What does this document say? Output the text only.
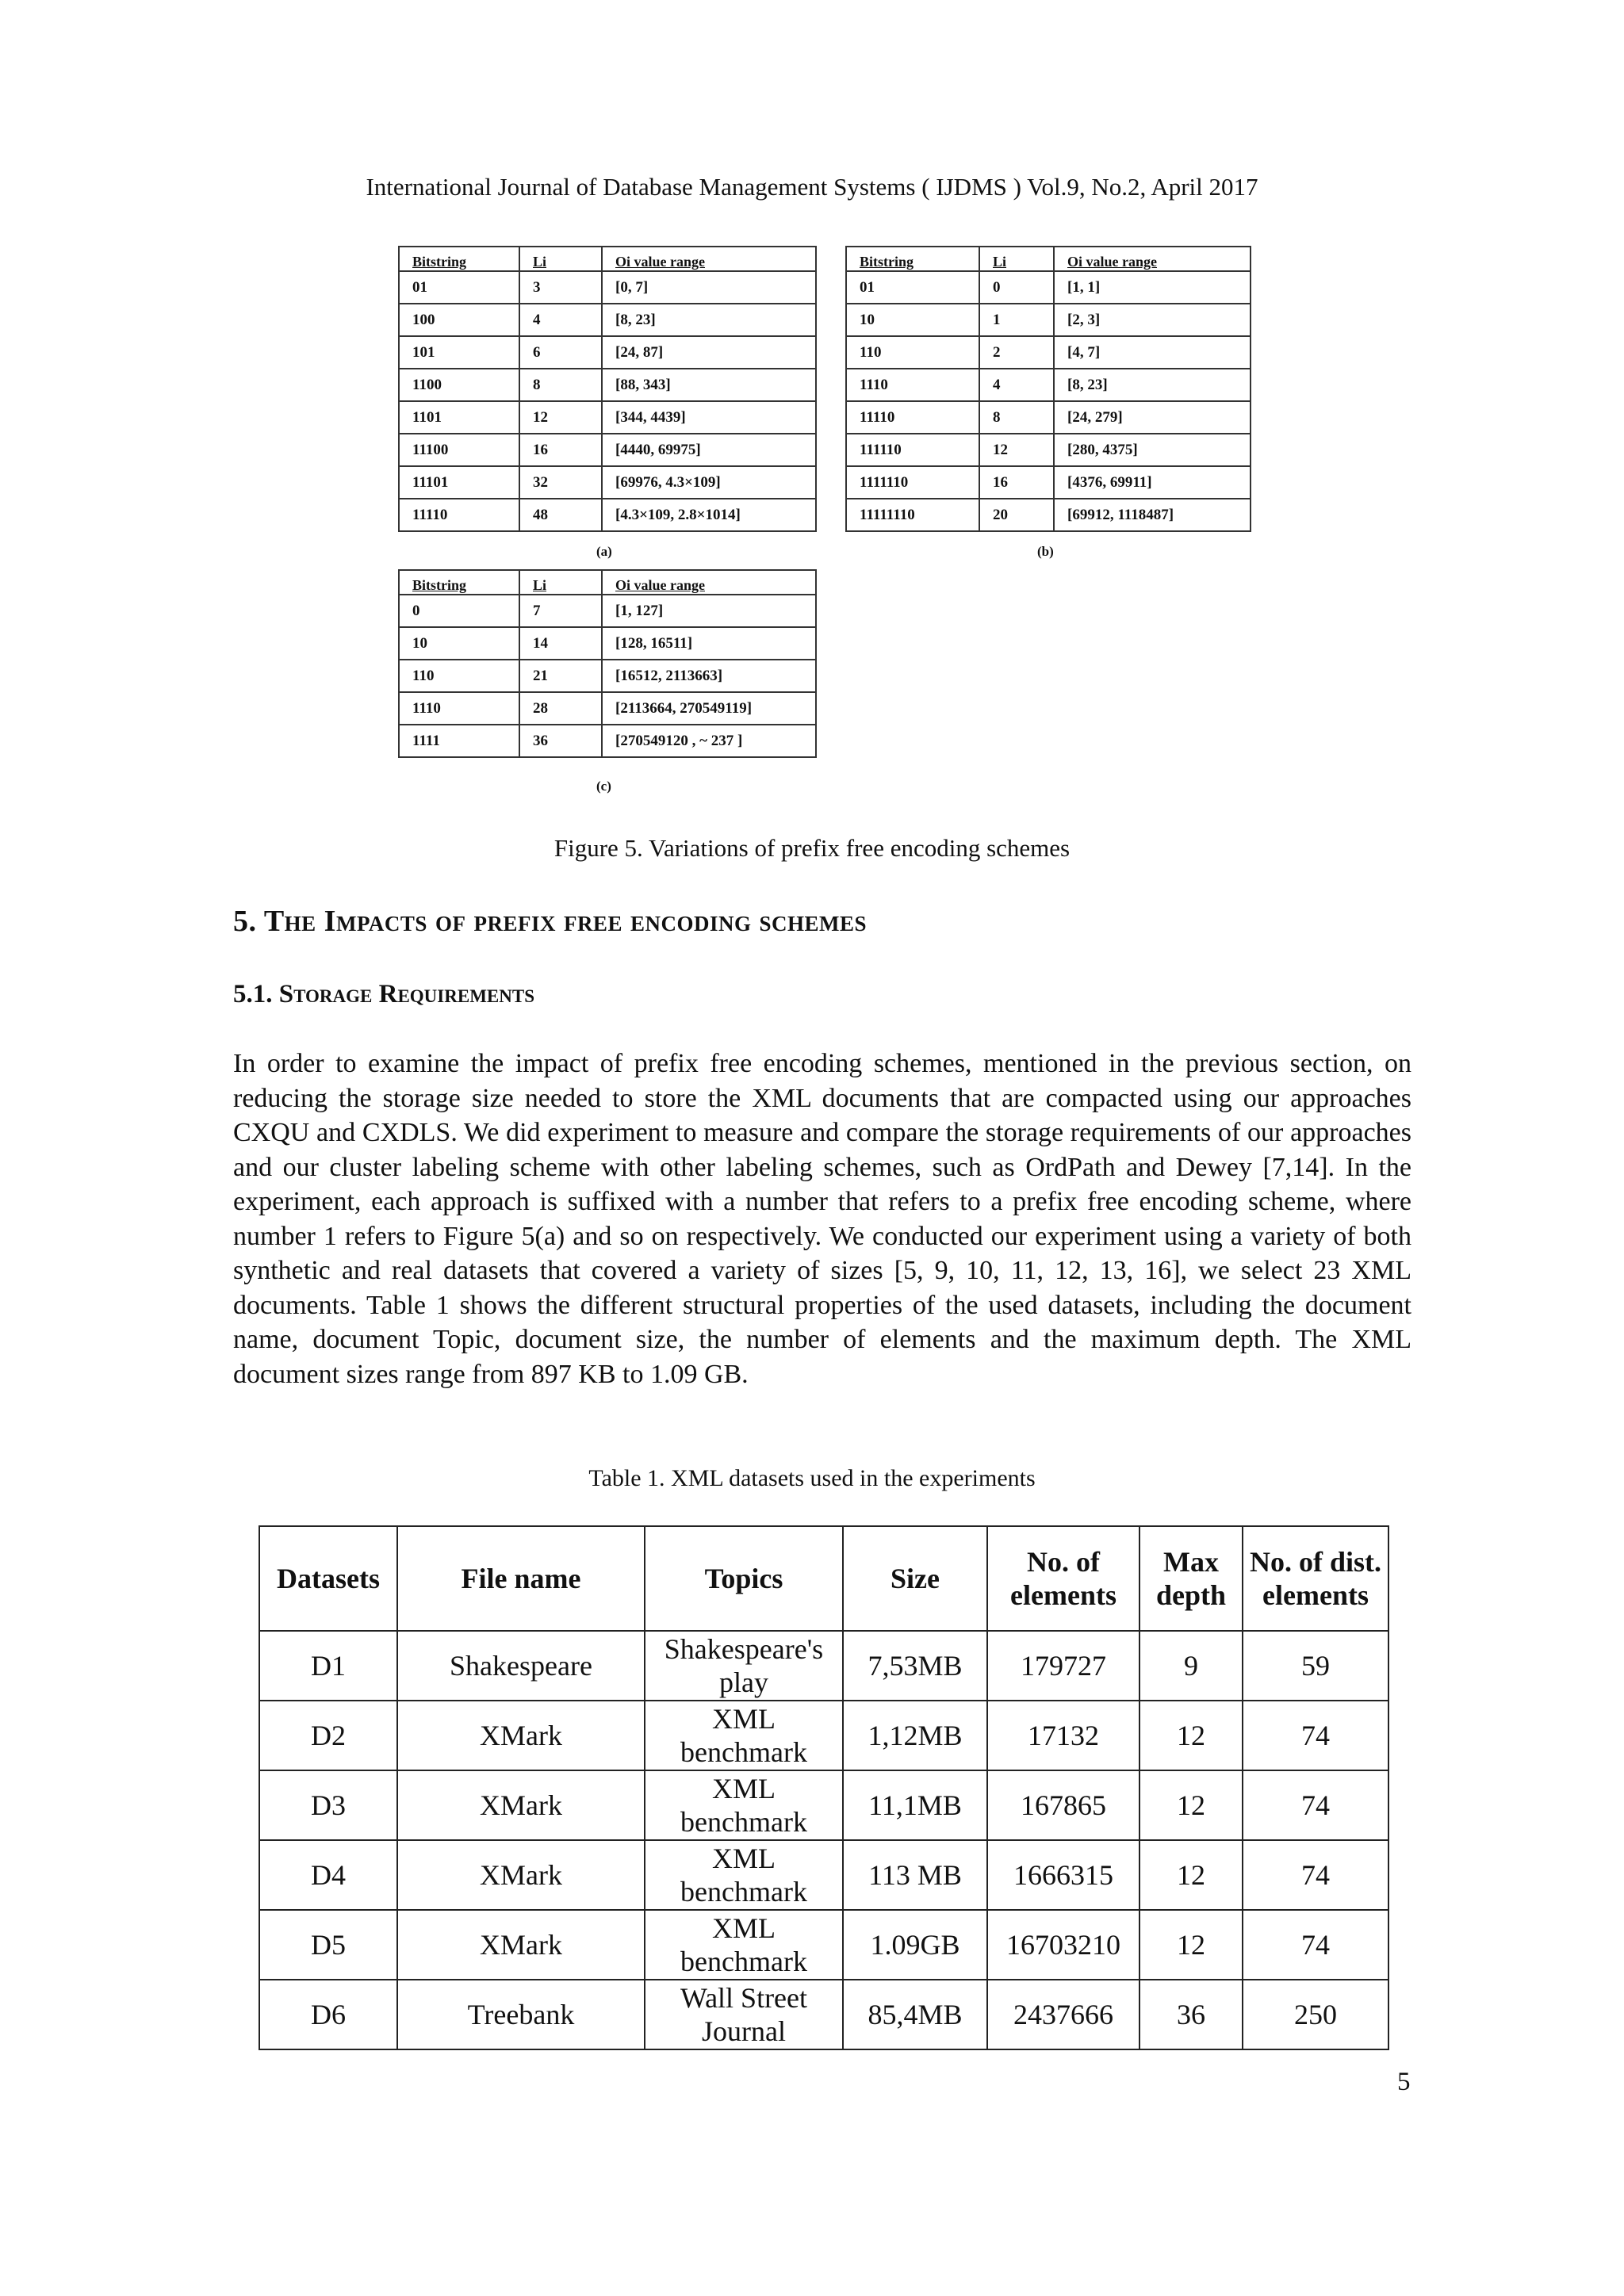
International Journal of Database Management Systems ( IJDMS ) Vol.9, No.2, April 2017
Bitstring	Li	Oi value range
01	3	[0, 7]
100	4	[8, 23]
101	6	[24, 87]
1100	8	[88, 343]
1101	12	[344, 4439]
11100	16	[4440, 69975]
11101	32	[69976, 4.3×109]
11110	48	[4.3×109, 2.8×1014]
(a)
Bitstring	Li	Oi value range
01	0	[1, 1]
10	1	[2, 3]
110	2	[4, 7]
1110	4	[8, 23]
11110	8	[24, 279]
111110	12	[280, 4375]
1111110	16	[4376, 69911]
11111110	20	[69912, 1118487]
(b)
Bitstring	Li	Oi value range
0	7	[1, 127]
10	14	[128, 16511]
110	21	[16512, 2113663]
1110	28	[2113664, 270549119]
1111	36	[270549120 , ~ 237 ]
(c)
Figure 5. Variations of prefix free encoding schemes
5. The Impacts of prefix free encoding schemes
5.1. Storage Requirements

In order to examine the impact of prefix free encoding schemes, mentioned in the previous section, on reducing the storage size needed to store the XML documents that are compacted using our approaches CXQU and CXDLS. We did experiment to measure and compare the storage requirements of our approaches and our cluster labeling scheme with other labeling schemes, such as OrdPath and Dewey [7,14]. In the experiment, each approach is suffixed with a number that refers to a prefix free encoding scheme, where number 1 refers to Figure 5(a) and so on respectively. We conducted our experiment using a variety of both synthetic and real datasets that covered a variety of sizes [5, 9, 10, 11, 12, 13, 16], we select 23 XML documents. Table 1 shows the different structural properties of the used datasets, including the document name, document Topic, document size, the number of elements and the maximum depth. The XML document sizes range from 897 KB to 1.09 GB.

Table 1. XML datasets used in the experiments
Datasets	File name	Topics	Size	No. of elements	Max depth	No. of dist. elements
D1	Shakespeare	Shakespeare's play	7,53MB	179727	9	59
D2	XMark	XML benchmark	1,12MB	17132	12	74
D3	XMark	XML benchmark	11,1MB	167865	12	74
D4	XMark	XML benchmark	113 MB	1666315	12	74
D5	XMark	XML benchmark	1.09GB	16703210	12	74
D6	Treebank	Wall Street Journal	85,4MB	2437666	36	250
5
